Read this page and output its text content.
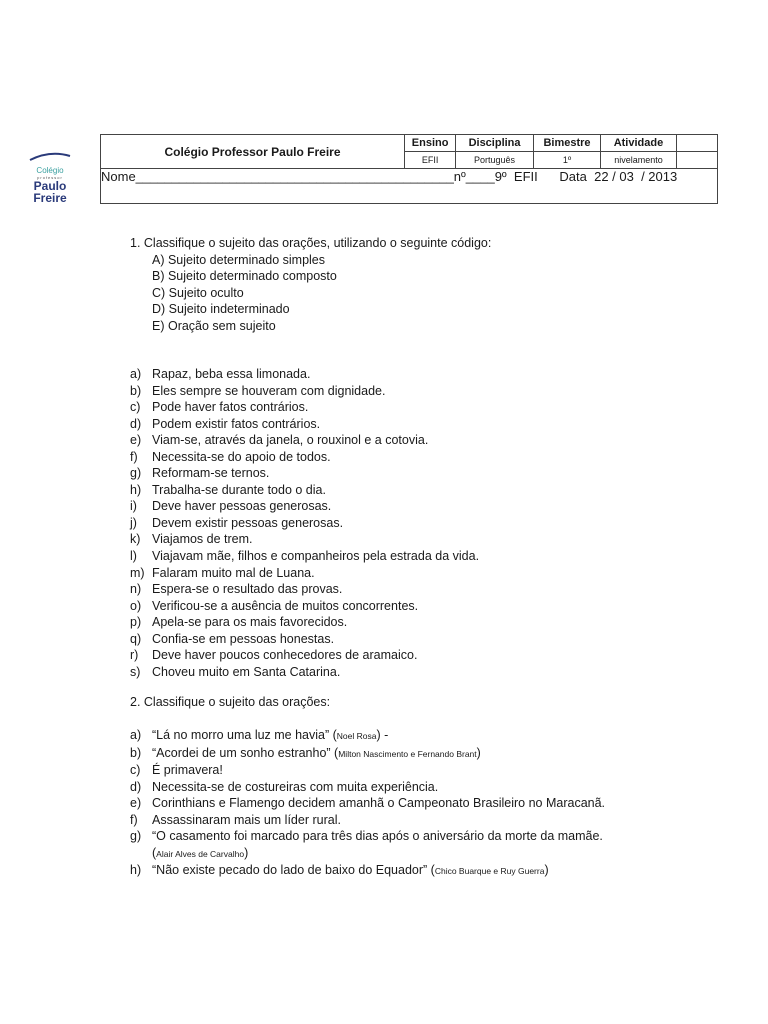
Colégio
professor
Paulo
Freire
Colégio Professor Paulo Freire	Ensino	Disciplina	Bimestre	Atividade	
	EFII	Português	1º	nivelamento	
Nome____________________________________________nº____9º  EFII      Data  22 / 03  / 2013					
1. Classifique o sujeito das orações, utilizando o seguinte código:
A) Sujeito determinado simples
B) Sujeito determinado composto
C) Sujeito oculto
D) Sujeito indeterminado
E) Oração sem sujeito
a) Rapaz, beba essa limonada.
b) Eles sempre se houveram com dignidade.
c) Pode haver fatos contrários.
d) Podem existir fatos contrários.
e) Viam-se, através da janela, o rouxinol e a cotovia.
f) Necessita-se do apoio de todos.
g) Reformam-se ternos.
h) Trabalha-se durante todo o dia.
i) Deve haver pessoas generosas.
j) Devem existir pessoas generosas.
k) Viajamos de trem.
l) Viajavam mãe, filhos e companheiros pela estrada da vida.
m) Falaram muito mal de Luana.
n) Espera-se o resultado das provas.
o) Verificou-se a ausência de muitos concorrentes.
p) Apela-se para os mais favorecidos.
q) Confia-se em pessoas honestas.
r) Deve haver poucos conhecedores de aramaico.
s) Choveu muito em Santa Catarina.
2. Classifique o sujeito das orações:
a) “Lá no morro uma luz me havia” (Noel Rosa) -
b) “Acordei de um sonho estranho” (Milton Nascimento e Fernando Brant)
c) É primavera!
d) Necessita-se de costureiras com muita experiência.
e) Corinthians e Flamengo decidem amanhã o Campeonato Brasileiro no Maracanã.
f) Assassinaram mais um líder rural.
g) “O casamento foi marcado para três dias após o aniversário da morte da mamãe.
(Alair Alves de Carvalho)
h) “Não existe pecado do lado de baixo do Equador” (Chico Buarque e Ruy Guerra)
